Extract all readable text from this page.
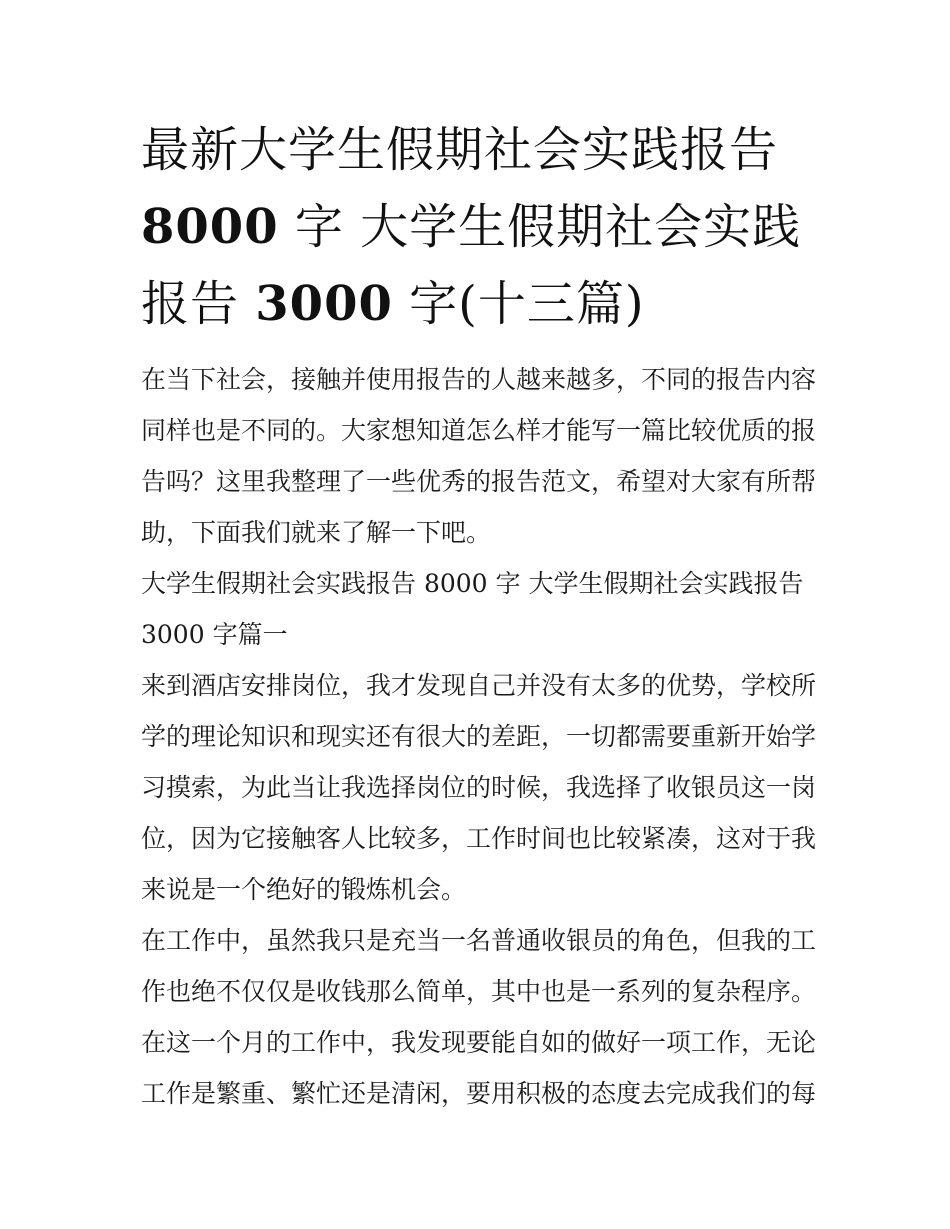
最新大学生假期社会实践报告
8000 字 大学生假期社会实践
报告 3000 字(十三篇)

在当下社会，接触并使用报告的人越来越多，不同的报告内容同样也是不同的。大家想知道怎么样才能写一篇比较优质的报告吗？这里我整理了一些优秀的报告范文，希望对大家有所帮助，下面我们就来了解一下吧。

大学生假期社会实践报告 8000 字 大学生假期社会实践报告 3000 字篇一

来到酒店安排岗位，我才发现自己并没有太多的优势，学校所学的理论知识和现实还有很大的差距，一切都需要重新开始学习摸索，为此当让我选择岗位的时候，我选择了收银员这一岗位，因为它接触客人比较多，工作时间也比较紧凑，这对于我来说是一个绝好的锻炼机会。

在工作中，虽然我只是充当一名普通收银员的角色，但我的工作也绝不仅仅是收钱那么简单，其中也是一系列的复杂程序。

在这一个月的工作中，我发现要能自如的做好一项工作，无论工作是繁重、繁忙还是清闲，要用积极的态度去完成我们的每
